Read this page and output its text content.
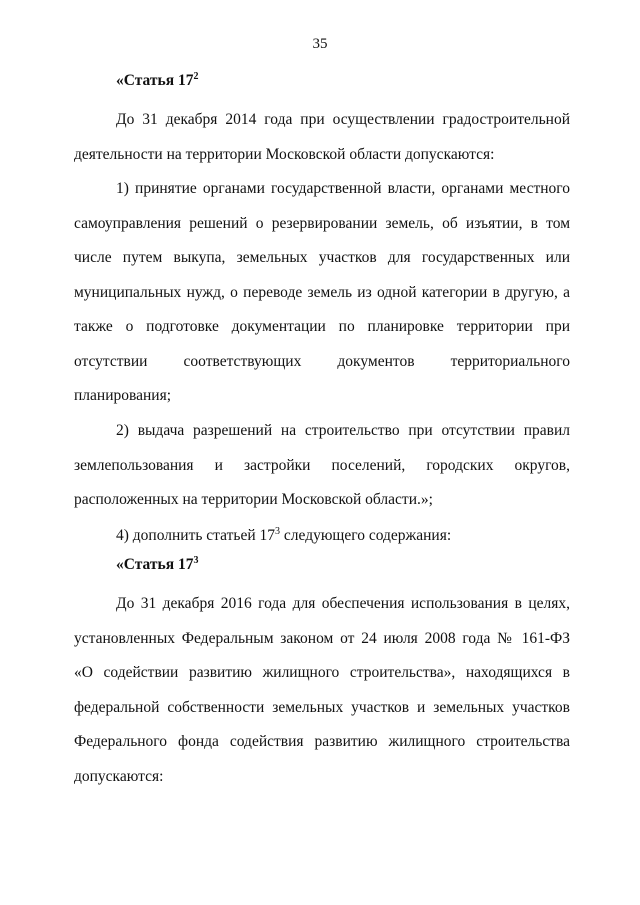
35
«Статья $17^2$
До 31 декабря 2014 года при осуществлении градостроительной
деятельности на территории Московской области допускаются:
1) принятие органами государственной власти, органами местного
самоуправления решений о резервировании земель, об изъятии, в том
числе путем выкупа, земельных участков для государственных или
муниципальных нужд, о переводе земель из одной категории в другую, а
также о подготовке документации по планировке территории при
отсутствии соответствующих документов территориального
планирования;
2) выдача разрешений на строительство при отсутствии правил
землепользования и застройки поселений, городских округов,
расположенных на территории Московской области.»;
4) дополнить статьей $17^3$ следующего содержания:
«Статья $17^3$
До 31 декабря 2016 года для обеспечения использования в целях,
установленных Федеральным законом от 24 июля 2008 года № 161-ФЗ
«О содействии развитию жилищного строительства», находящихся в
федеральной собственности земельных участков и земельных участков
Федерального фонда содействия развитию жилищного строительства
допускаются:
